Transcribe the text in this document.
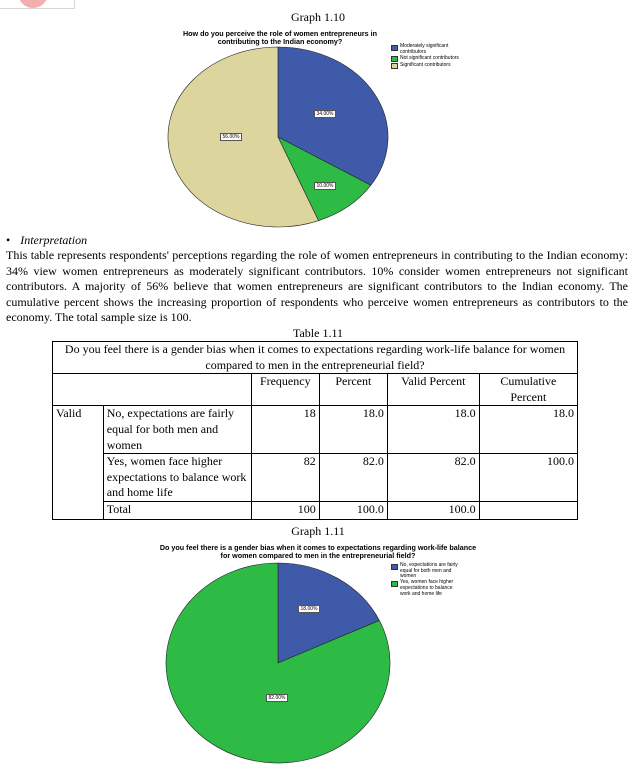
Graph 1.10
How do you perceive the role of women entrepreneurs in contributing to the Indian economy?	Moderately significant contributors
Not significant contributors
Significant contributors
34.00%
10.00%
56.00%
• Interpretation
This table represents respondents' perceptions regarding the role of women entrepreneurs in contributing to the Indian economy: 34% view women entrepreneurs as moderately significant contributors. 10% consider women entrepreneurs not significant contributors. A majority of 56% believe that women entrepreneurs are significant contributors to the Indian economy. The cumulative percent shows the increasing proportion of respondents who perceive women entrepreneurs as contributors to the economy. The total sample size is 100.
Table 1.11
Do you feel there is a gender bias when it comes to expectations regarding work-life balance for women compared to men in the entrepreneurial field?					
		Frequency	Percent	Valid Percent	Cumulative Percent
Valid	No, expectations are fairly equal for both men and women	18	18.0	18.0	18.0
	Yes, women face higher expectations to balance work and home life	82	82.0	82.0	100.0
	Total	100	100.0	100.0	
Graph 1.11
Do you feel there is a gender bias when it comes to expectations regarding work-life balance for women compared to men in the entrepreneurial field?
No, expectations are fairly equal for both men and women
Yes, women face higher expectations to balance work and home life
18.00%
82.00%
